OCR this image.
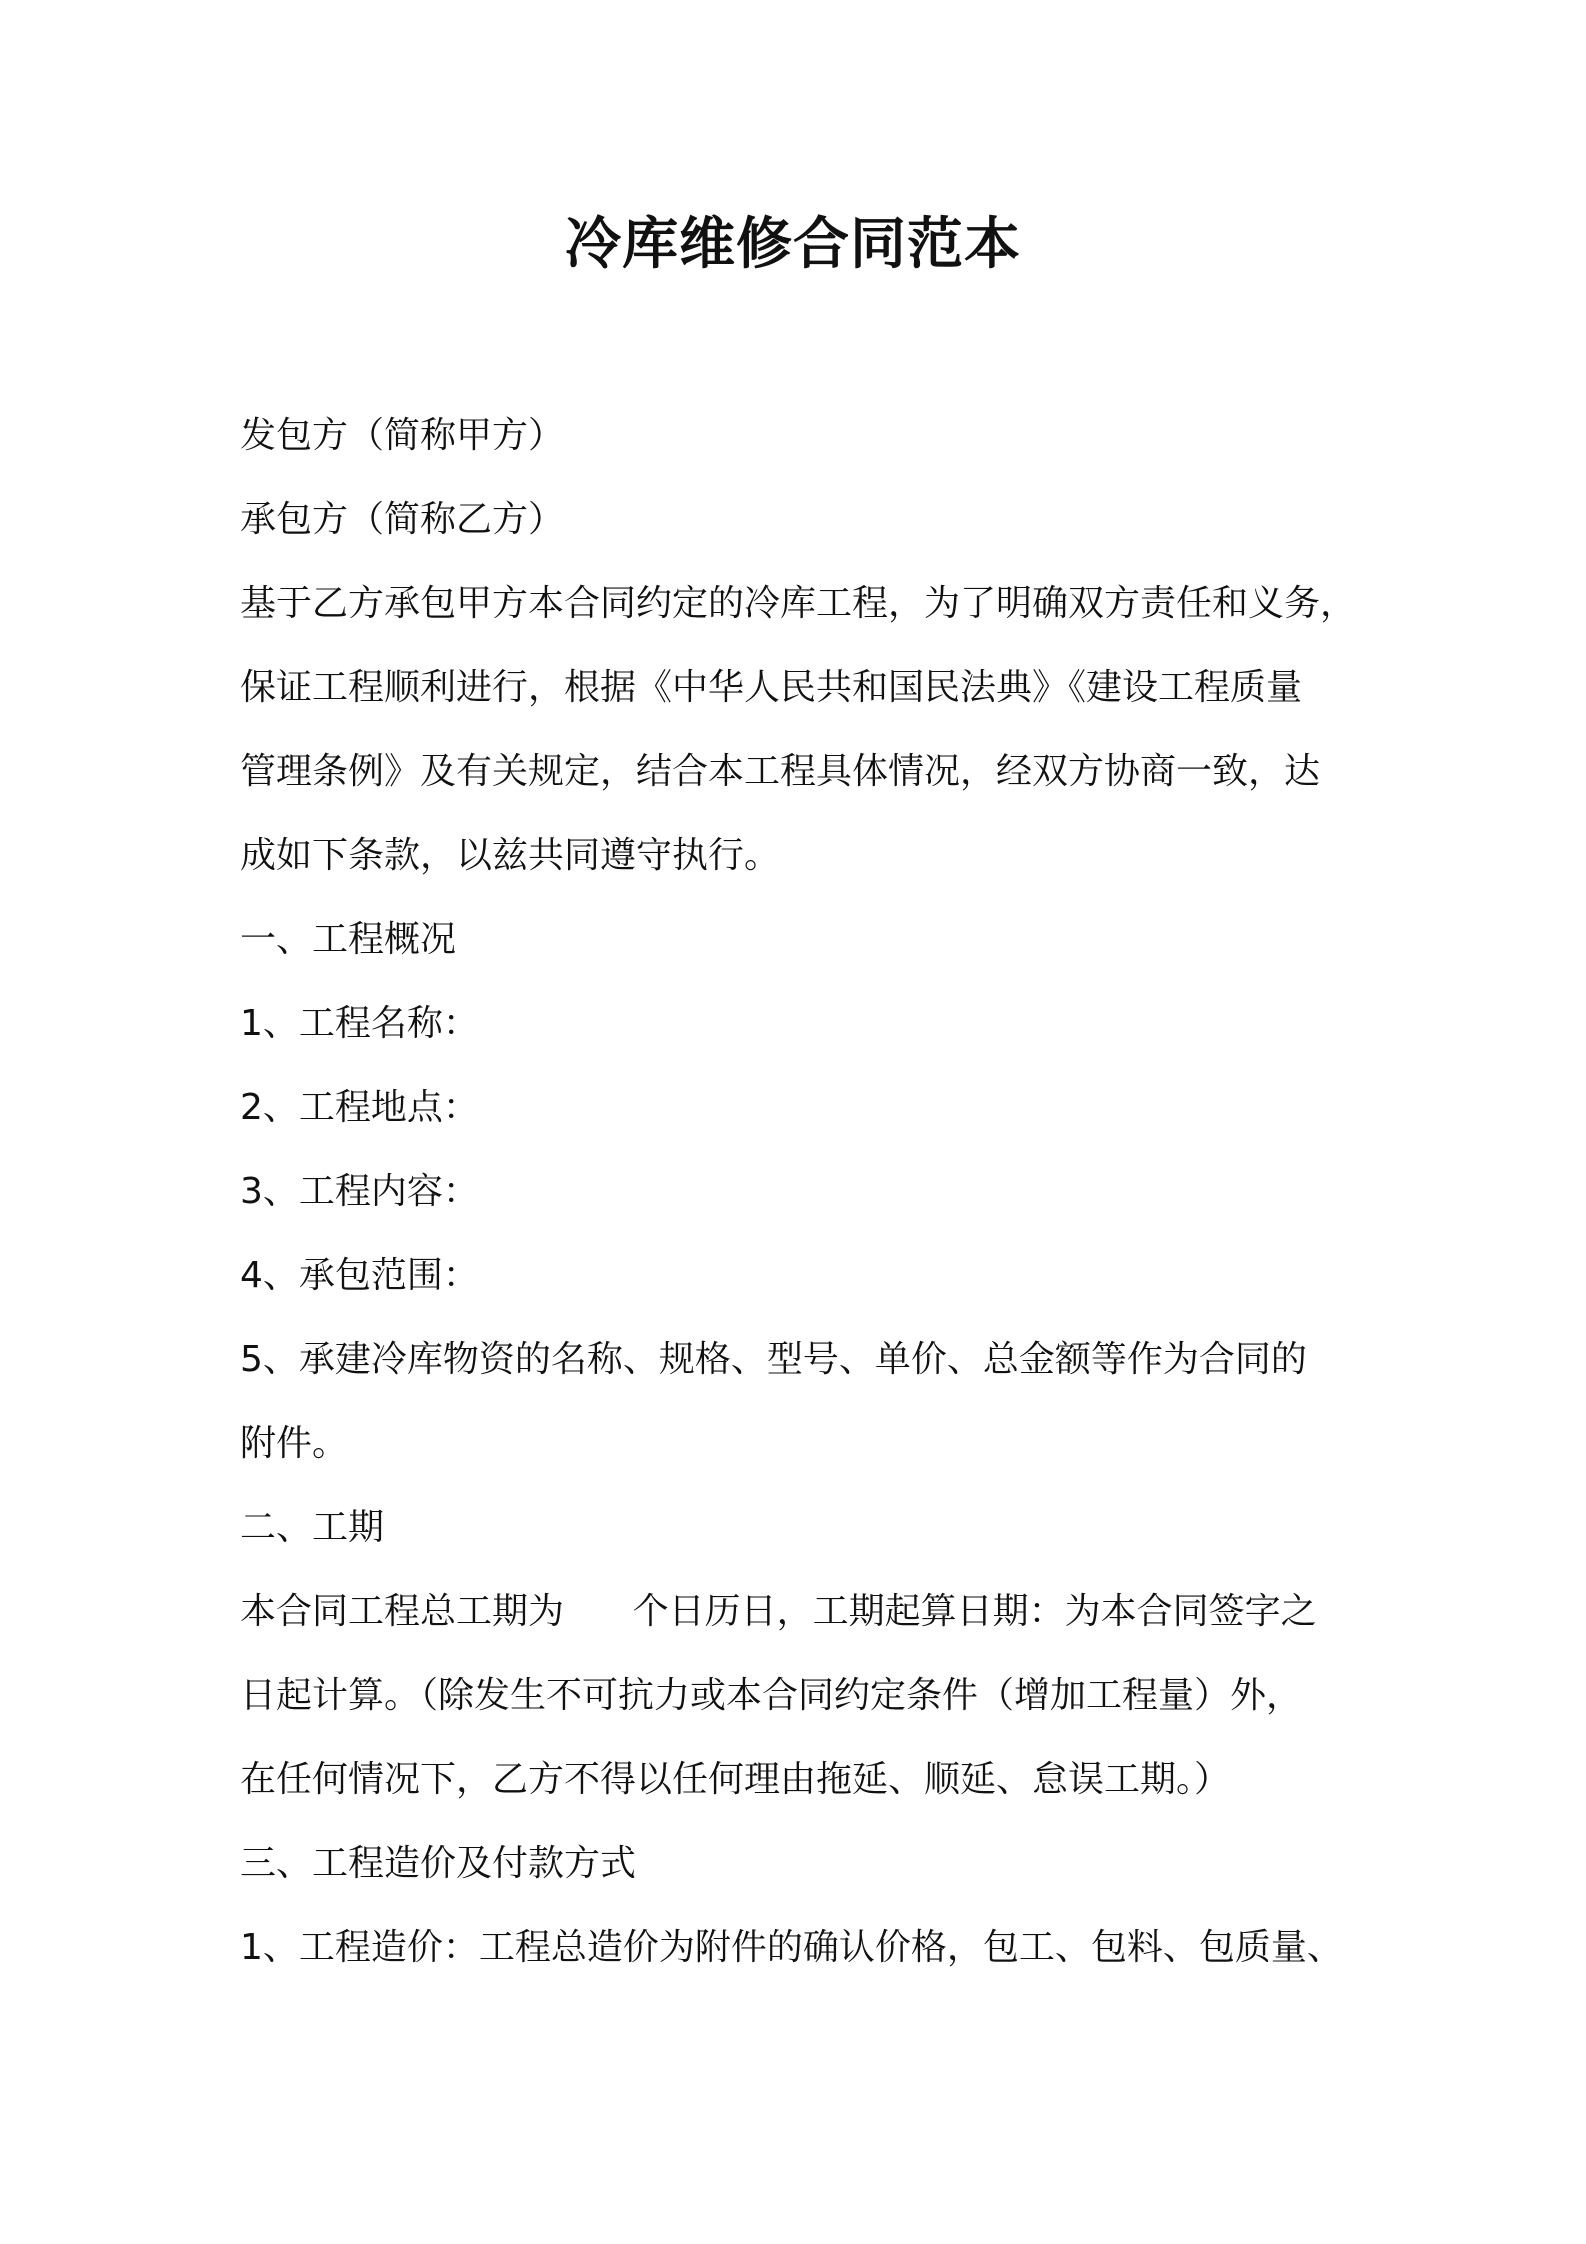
冷库维修合同范本
发包方（简称甲方）
承包方（简称乙方）
基于乙方承包甲方本合同约定的冷库工程，为了明确双方责任和义务，
保证工程顺利进行，根据《中华人民共和国民法典》《建设工程质量
管理条例》及有关规定，结合本工程具体情况，经双方协商一致，达
成如下条款，以兹共同遵守执行。
一、工程概况
1、工程名称：
2、工程地点：
3、工程内容：
4、承包范围：
5、承建冷库物资的名称、规格、型号、单价、总金额等作为合同的
附件。
二、工期
本合同工程总工期为      个日历日，工期起算日期：为本合同签字之
日起计算。（除发生不可抗力或本合同约定条件（增加工程量）外，
在任何情况下，乙方不得以任何理由拖延、顺延、怠误工期。）
三、工程造价及付款方式
1、工程造价：工程总造价为附件的确认价格，包工、包料、包质量、
